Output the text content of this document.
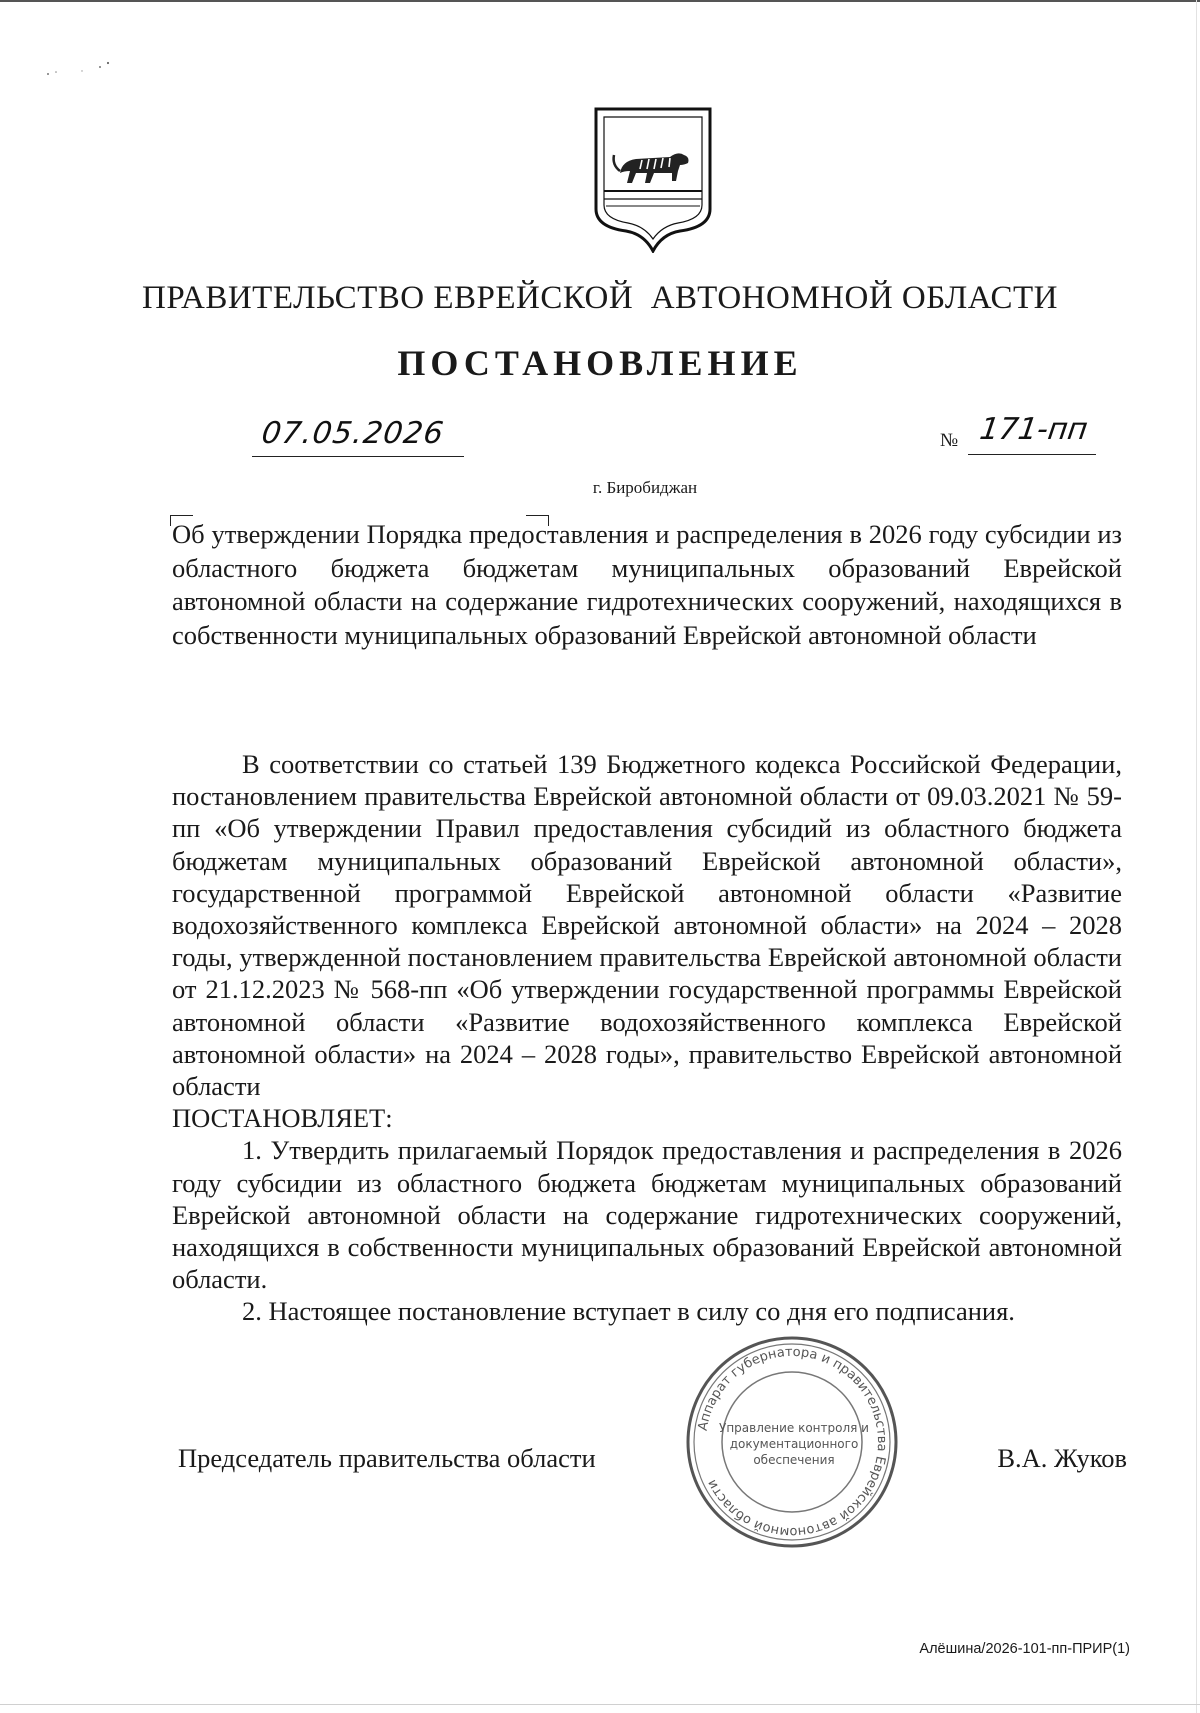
ПРАВИТЕЛЬСТВО ЕВРЕЙСКОЙ  АВТОНОМНОЙ ОБЛАСТИ
ПОСТАНОВЛЕНИЕ
07.05.2026	№ 171-пп
г. Биробиджан
Об утверждении Порядка предоставления и распределения в 2026 году субсидии из областного бюджета бюджетам муниципальных образований Еврейской автономной области на содержание гидротехнических сооружений, находящихся в собственности муниципальных образований Еврейской автономной области

В соответствии со статьей 139 Бюджетного кодекса Российской Федерации, постановлением правительства Еврейской автономной области от 09.03.2021 № 59-пп «Об утверждении Правил предоставления субсидий из областного бюджета бюджетам муниципальных образований Еврейской автономной области», государственной программой Еврейской автономной области «Развитие водохозяйственного комплекса Еврейской автономной области» на 2024 – 2028 годы, утвержденной постановлением правительства Еврейской автономной области от 21.12.2023 № 568-пп «Об утверждении государственной программы Еврейской автономной области «Развитие водохозяйственного комплекса Еврейской автономной области» на 2024 – 2028 годы», правительство Еврейской автономной области

ПОСТАНОВЛЯЕТ:

1. Утвердить прилагаемый Порядок предоставления и распределения в 2026 году субсидии из областного бюджета бюджетам муниципальных образований Еврейской автономной области на содержание гидротехнических сооружений, находящихся в собственности муниципальных образований Еврейской автономной области.

2. Настоящее постановление вступает в силу со дня его подписания.

Аппарат губернатора и правительства Еврейской автономной области
Управление контроля и
документационного
обеспечения
Председатель правительства области	В.А. Жуков
Алёшина/2026-101-пп-ПРИР(1)
